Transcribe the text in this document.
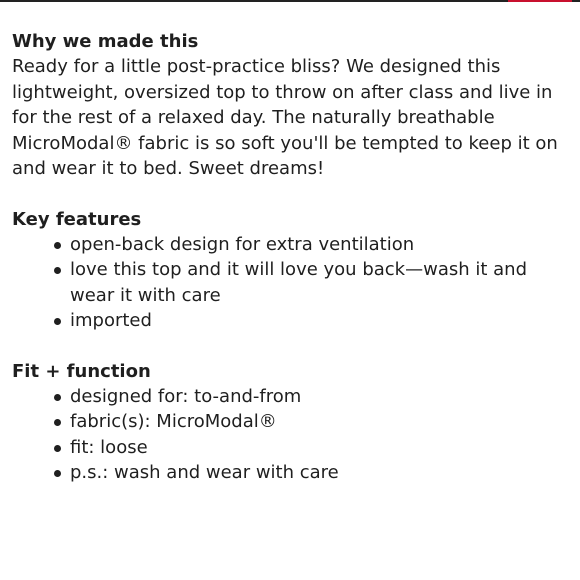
Why we made this

Ready for a little post-practice bliss? We designed this lightweight, oversized top to throw on after class and live in for the rest of a relaxed day. The naturally breathable MicroModal® fabric is so soft you'll be tempted to keep it on and wear it to bed. Sweet dreams!

Key features
open-back design for extra ventilation
love this top and it will love you back—wash it and wear it with care
imported
Fit + function
designed for: to-and-from
fabric(s): MicroModal®
fit: loose
p.s.: wash and wear with care
